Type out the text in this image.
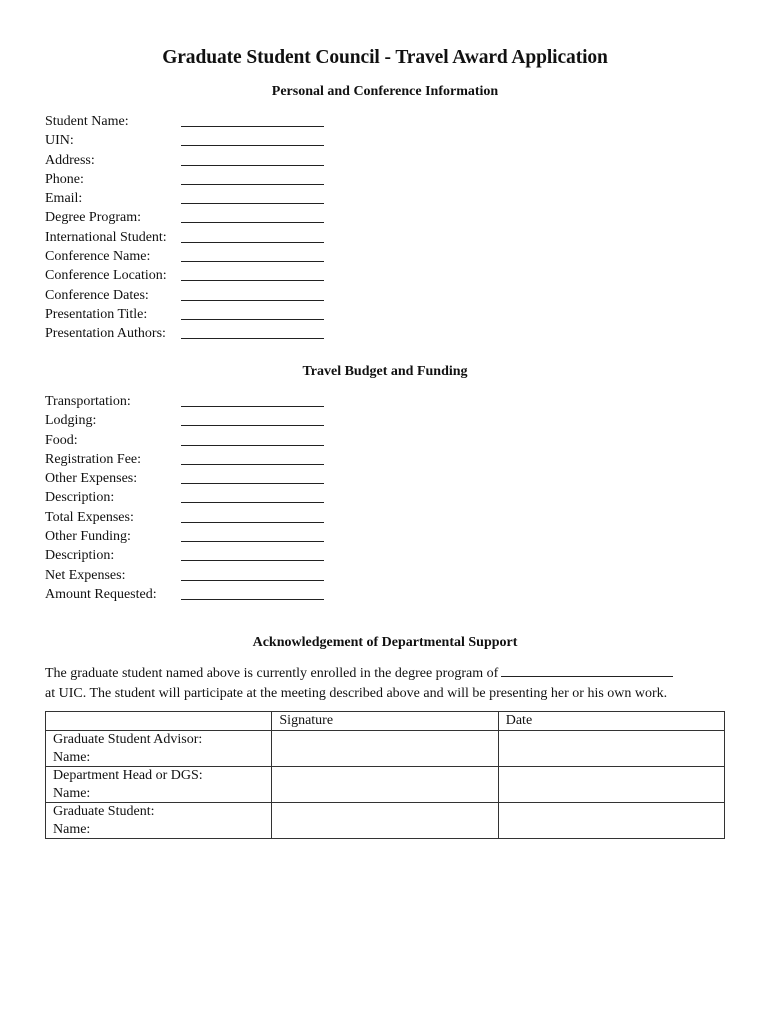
Graduate Student Council - Travel Award Application
Personal and Conference Information
Student Name:
UIN:
Address:
Phone:
Email:
Degree Program:
International Student:
Conference Name:
Conference Location:
Conference Dates:
Presentation Title:
Presentation Authors:
Travel Budget and Funding
Transportation:
Lodging:
Food:
Registration Fee:
Other Expenses:
Description:
Total Expenses:
Other Funding:
Description:
Net Expenses:
Amount Requested:
Acknowledgement of Departmental Support
The graduate student named above is currently enrolled in the degree program of
at UIC. The student will participate at the meeting described above and will be presenting her or his own work.
	Signature	Date

Graduate Student Advisor:
Name:		

Department Head or DGS:
Name:		

Graduate Student:
Name:		
